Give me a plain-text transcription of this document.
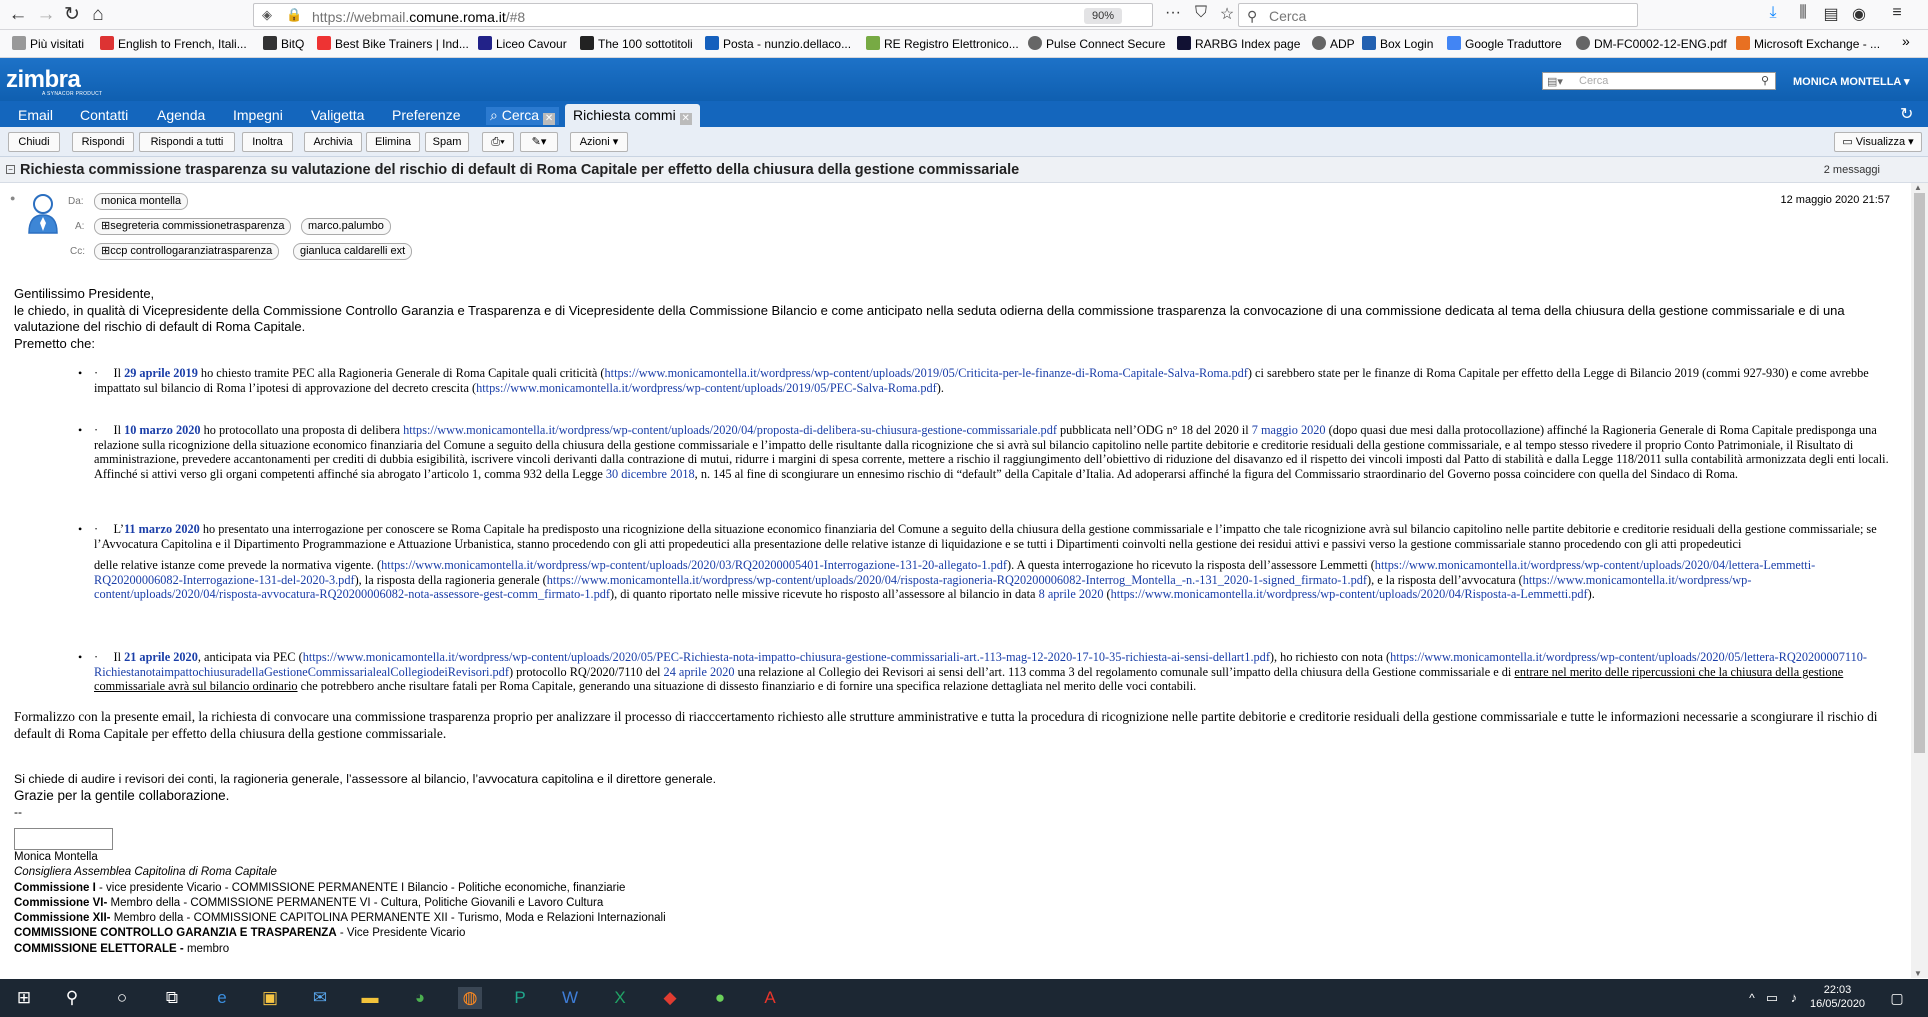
← → ↻ ⌂	◈ 🔒 https://webmail.comune.roma.it/#8	90%	··· ⛉ ☆ ⚲ Cerca	⤓	⫼	▤ ◉	≡
Più visitati	English to French, Itali...	BitQ	Best Bike Trainers | Ind...	Liceo Cavour	The 100 sottotitoli	Posta - nunzio.dellaco...	RE Registro Elettronico...	Pulse Connect Secure	RARBG Index page	ADP	Box Login	Google Traduttore	DM-FC0002-12-ENG.pdf	Microsoft Exchange - ... »
zimbra
A SYNACOR PRODUCT
▤▾ Cerca	⚲ MONICA MONTELLA ▾
Email Contatti Agenda Impegni Valigetta Preferenze ⌕ Cerca ✕	Richiesta commi ✕	↻
Chiudi	Rispondi	Rispondi a tutti	Inoltra	Archivia	Elimina	Spam	⎙▾	✎▾	Azioni ▾	▭ Visualizza ▾
− Richiesta commissione trasparenza su valutazione del rischio di default di Roma Capitale per effetto della chiusura della gestione commissariale	2 messaggi
●	Da:	monica montella
A:	⊞segreteria commissionetrasparenza	marco.palumbo
Cc:	⊞ccp controllogaranziatrasparenza	gianluca caldarelli ext
12 maggio 2020 21:57
Gentilissimo Presidente,
le chiedo, in qualità di Vicepresidente della Commissione Controllo Garanzia e Trasparenza e di Vicepresidente della Commissione Bilancio e come anticipato nella seduta odierna della commissione trasparenza la convocazione di una commissione dedicata al tema della chiusura della gestione commissariale e di una valutazione del rischio di default di Roma Capitale.
Premetto che:
• ·     Il 29 aprile 2019 ho chiesto tramite PEC alla Ragioneria Generale di Roma Capitale quali criticità (https://www.monicamontella.it/wordpress/wp-content/uploads/2019/05/Criticita-per-le-finanze-di-Roma-Capitale-Salva-Roma.pdf) ci sarebbero state per le finanze di Roma Capitale per effetto della Legge di Bilancio 2019 (commi 927-930) e come avrebbe impattato sul bilancio di Roma l’ipotesi di approvazione del decreto crescita (https://www.monicamontella.it/wordpress/wp-content/uploads/2019/05/PEC-Salva-Roma.pdf).
• ·     Il 10 marzo 2020 ho protocollato una proposta di delibera https://www.monicamontella.it/wordpress/wp-content/uploads/2020/04/proposta-di-delibera-su-chiusura-gestione-commissariale.pdf pubblicata nell’ODG n° 18 del 2020 il 7 maggio 2020 (dopo quasi due mesi dalla protocollazione) affinché la Ragioneria Generale di Roma Capitale predisponga una relazione sulla ricognizione della situazione economico finanziaria del Comune a seguito della chiusura della gestione commissariale e l’impatto delle risultante dalla ricognizione che si avrà sul bilancio capitolino nelle partite debitorie e creditorie residuali della gestione commissariale, e al tempo stesso rivedere il proprio Conto Patrimoniale, il Risultato di amministrazione, prevedere accantonamenti per crediti di dubbia esigibilità, iscrivere vincoli derivanti dalla contrazione di mutui, ridurre i margini di spesa corrente, mettere a rischio il raggiungimento dell’obiettivo di riduzione del disavanzo ed il rispetto dei vincoli imposti dal Patto di stabilità e dalla Legge 118/2011 sulla contabilità armonizzata degli enti locali. Affinché si attivi verso gli organi competenti affinché sia abrogato l’articolo 1, comma 932 della Legge 30 dicembre 2018, n. 145 al fine di scongiurare un ennesimo rischio di “default” della Capitale d’Italia. Ad adoperarsi affinché la figura del Commissario straordinario del Governo possa coincidere con quella del Sindaco di Roma.
• ·     L’11 marzo 2020 ho presentato una interrogazione per conoscere se Roma Capitale ha predisposto una ricognizione della situazione economico finanziaria del Comune a seguito della chiusura della gestione commissariale e l’impatto che tale ricognizione avrà sul bilancio capitolino nelle partite debitorie e creditorie residuali della gestione commissariale; se l’Avvocatura Capitolina e il Dipartimento Programmazione e Attuazione Urbanistica, stanno procedendo con gli atti propedeutici alla presentazione delle relative istanze di liquidazione e se tutti i Dipartimenti coinvolti nella gestione dei residui attivi e passivi verso la gestione commissariale stanno procedendo con gli atti propedeutici
delle relative istanze come prevede la normativa vigente. (https://www.monicamontella.it/wordpress/wp-content/uploads/2020/03/RQ20200005401-Interrogazione-131-20-allegato-1.pdf). A questa interrogazione ho ricevuto la risposta dell’assessore Lemmetti (https://www.monicamontella.it/wordpress/wp-content/uploads/2020/04/lettera-Lemmetti-RQ20200006082-Interrogazione-131-del-2020-3.pdf), la risposta della ragioneria generale (https://www.monicamontella.it/wordpress/wp-content/uploads/2020/04/risposta-ragioneria-RQ20200006082-Interrog_Montella_-n.-131_2020-1-signed_firmato-1.pdf), e la risposta dell’avvocatura (https://www.monicamontella.it/wordpress/wp-content/uploads/2020/04/risposta-avvocatura-RQ20200006082-nota-assessore-gest-comm_firmato-1.pdf), di quanto riportato nelle missive ricevute ho risposto all’assessore al bilancio in data 8 aprile 2020 (https://www.monicamontella.it/wordpress/wp-content/uploads/2020/04/Risposta-a-Lemmetti.pdf).
• ·     Il 21 aprile 2020, anticipata via PEC (https://www.monicamontella.it/wordpress/wp-content/uploads/2020/05/PEC-Richiesta-nota-impatto-chiusura-gestione-commissariali-art.-113-mag-12-2020-17-10-35-richiesta-ai-sensi-dellart1.pdf), ho richiesto con nota (https://www.monicamontella.it/wordpress/wp-content/uploads/2020/05/lettera-RQ20200007110-RichiestanotaimpattochiusuradellaGestioneCommissarialealCollegiodeiRevisori.pdf) protocollo RQ/2020/7110 del 24 aprile 2020 una relazione al Collegio dei Revisori ai sensi dell’art. 113 comma 3 del regolamento comunale sull’impatto della chiusura della Gestione commissariale e di entrare nel merito delle ripercussioni che la chiusura della gestione commissariale avrà sul bilancio ordinario che potrebbero anche risultare fatali per Roma Capitale, generando una situazione di dissesto finanziario e di fornire una specifica relazione dettagliata nel merito delle voci contabili.
Formalizzo con la presente email, la richiesta di convocare una commissione trasparenza proprio per analizzare il processo di riacccertamento richiesto alle strutture amministrative e tutta la procedura di ricognizione nelle partite debitorie e creditorie residuali della gestione commissariale e tutte le informazioni necessarie a scongiurare il rischio di default di Roma Capitale per effetto della chiusura della gestione commissariale.
Si chiede di audire i revisori dei conti, la ragioneria generale, l’assessore al bilancio, l’avvocatura capitolina e il direttore generale.
Grazie per la gentile collaborazione.
--
Monica Montella
Consigliera Assemblea Capitolina di Roma Capitale
Commissione I - vice presidente Vicario - COMMISSIONE PERMANENTE I Bilancio - Politiche economiche, finanziarie
Commissione VI- Membro della - COMMISSIONE PERMANENTE VI - Cultura, Politiche Giovanili e Lavoro Cultura
Commissione XII- Membro della - COMMISSIONE CAPITOLINA PERMANENTE XII - Turismo, Moda e Relazioni Internazionali
COMMISSIONE CONTROLLO GARANZIA E TRASPARENZA - Vice Presidente Vicario
COMMISSIONE ELETTORALE - membro
▲
▼
⊞	⚲	○	⧉	e	▣ ✉ ▬	◕	◍	P	W	X	◆	●	A	^ ▭ ♪	22:03
16/05/2020	▢
